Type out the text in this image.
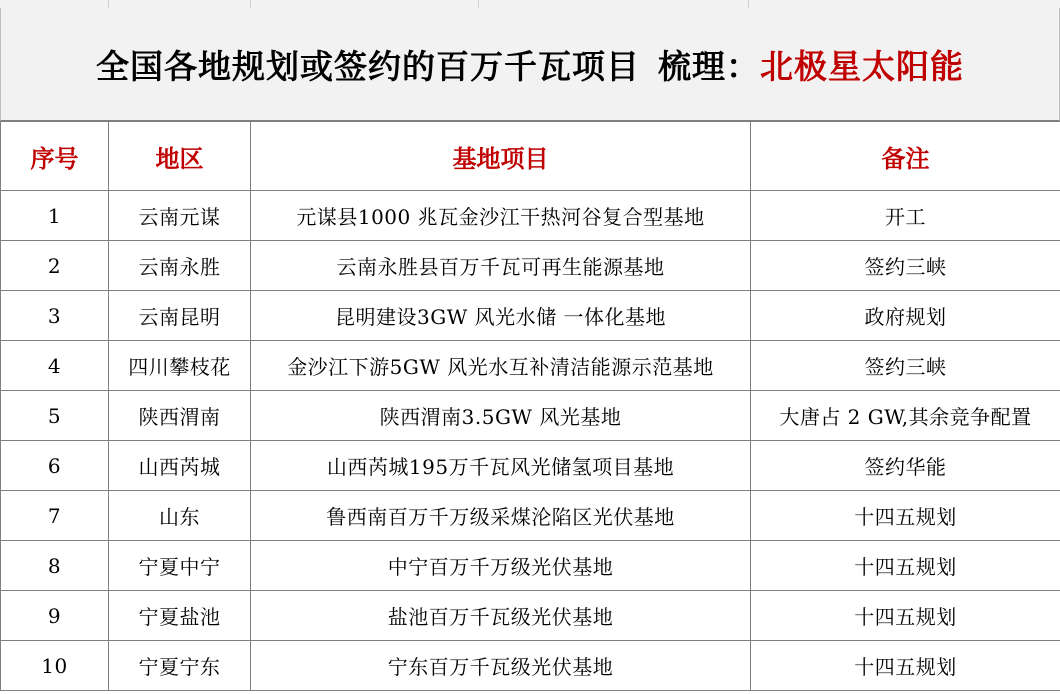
全国各地规划或签约的百万千瓦项目 梳理：北极星太阳能
序号	地区	基地项目	备注
1	云南元谋	元谋县1000 兆瓦金沙江干热河谷复合型基地	开工
2	云南永胜	云南永胜县百万千瓦可再生能源基地	签约三峡
3	云南昆明	昆明建设3GW 风光水储 一体化基地	政府规划
4	四川攀枝花	金沙江下游5GW 风光水互补清洁能源示范基地	签约三峡
5	陕西渭南	陕西渭南3.5GW 风光基地	大唐占 2 GW,其余竞争配置
6	山西芮城	山西芮城195万千瓦风光储氢项目基地	签约华能
7	山东	鲁西南百万千万级采煤沦陷区光伏基地	十四五规划
8	宁夏中宁	中宁百万千万级光伏基地	十四五规划
9	宁夏盐池	盐池百万千瓦级光伏基地	十四五规划
10	宁夏宁东	宁东百万千瓦级光伏基地	十四五规划
